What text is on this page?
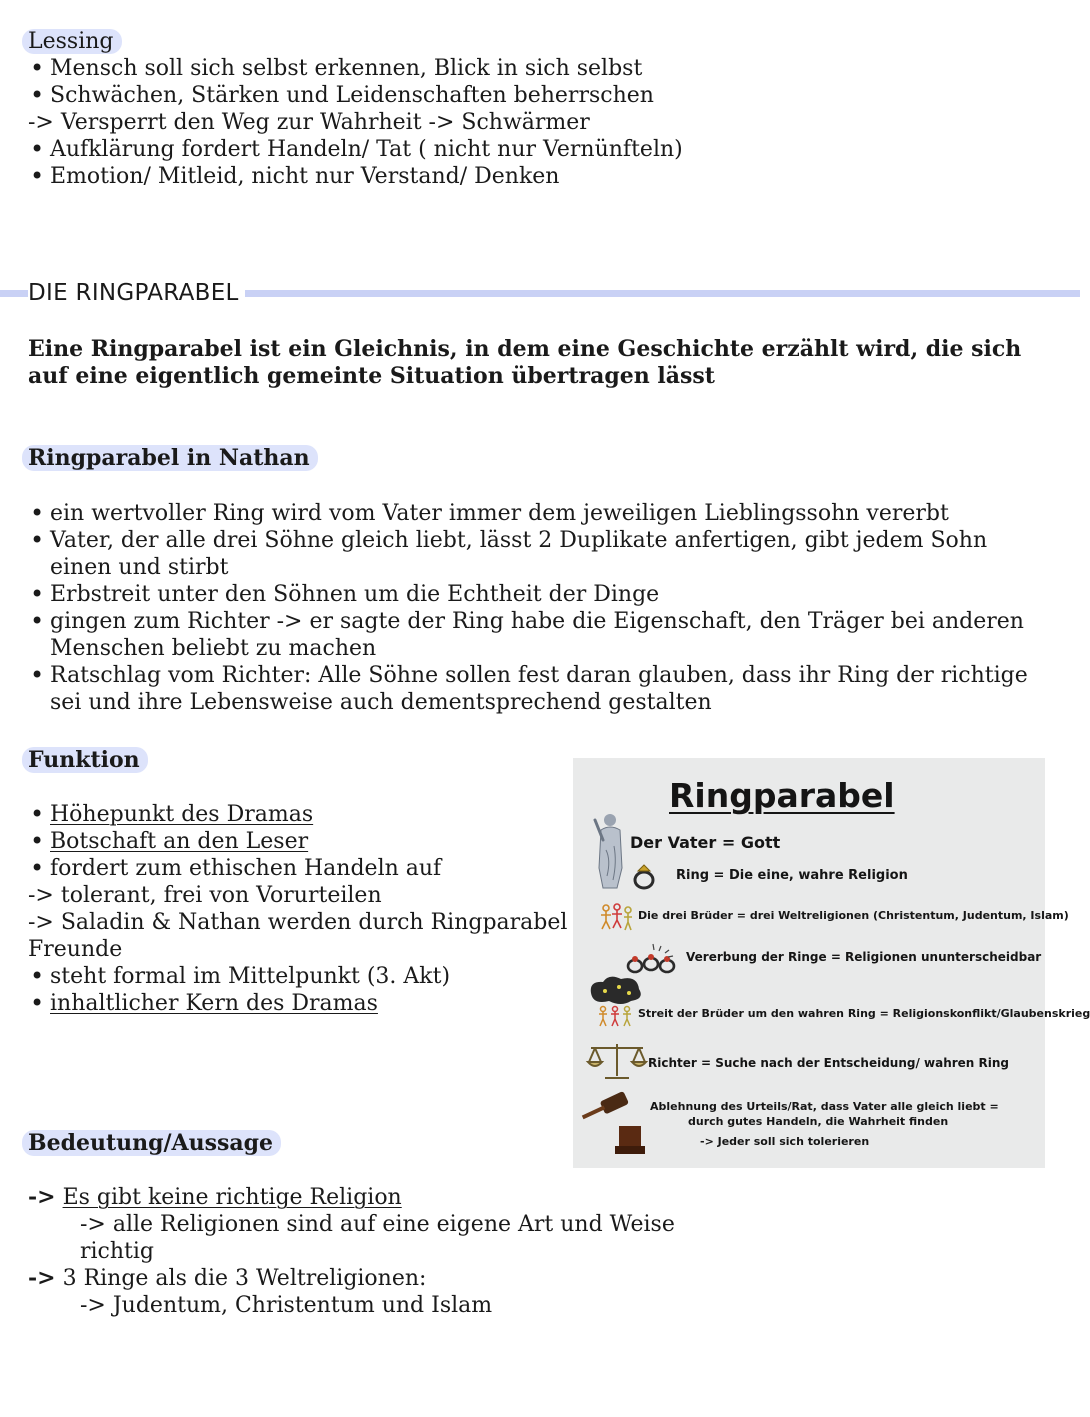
Lessing
• Mensch soll sich selbst erkennen, Blick in sich selbst
• Schwächen, Stärken und Leidenschaften beherrschen
-> Versperrt den Weg zur Wahrheit -> Schwärmer
• Aufklärung fordert Handeln/ Tat ( nicht nur Vernünfteln)
• Emotion/ Mitleid, nicht nur Verstand/ Denken
DIE RINGPARABEL
Eine Ringparabel ist ein Gleichnis, in dem eine Geschichte erzählt wird, die sich auf eine eigentlich gemeinte Situation übertragen lässt
Ringparabel in Nathan
• ein wertvoller Ring wird vom Vater immer dem jeweiligen Lieblingssohn vererbt
• Vater, der alle drei Söhne gleich liebt, lässt 2 Duplikate anfertigen, gibt jedem Sohn einen und stirbt
• Erbstreit unter den Söhnen um die Echtheit der Dinge
• gingen zum Richter -> er sagte der Ring habe die Eigenschaft, den Träger bei anderen Menschen beliebt zu machen
• Ratschlag vom Richter: Alle Söhne sollen fest daran glauben, dass ihr Ring der richtige sei und ihre Lebensweise auch dementsprechend gestalten
Funktion
• Höhepunkt des Dramas
• Botschaft an den Leser
• fordert zum ethischen Handeln auf
-> tolerant, frei von Vorurteilen
-> Saladin & Nathan werden durch Ringparabel
Freunde
• steht formal im Mittelpunkt (3. Akt)
• inhaltlicher Kern des Dramas
Bedeutung/Aussage
-> Es gibt keine richtige Religion
-> alle Religionen sind auf eine eigene Art und Weise richtig
-> 3 Ringe als die 3 Weltreligionen:
-> Judentum, Christentum und Islam
Ringparabel
Der Vater = Gott
Ring = Die eine, wahre Religion
Die drei Brüder = drei Weltreligionen (Christentum, Judentum, Islam)
Vererbung der Ringe = Religionen ununterscheidbar
Streit der Brüder um den wahren Ring = Religionskonflikt/Glaubenskrieg
Richter = Suche nach der Entscheidung/ wahren Ring
Ablehnung des Urteils/Rat, dass Vater alle gleich liebt =
durch gutes Handeln, die Wahrheit finden
-> Jeder soll sich tolerieren
